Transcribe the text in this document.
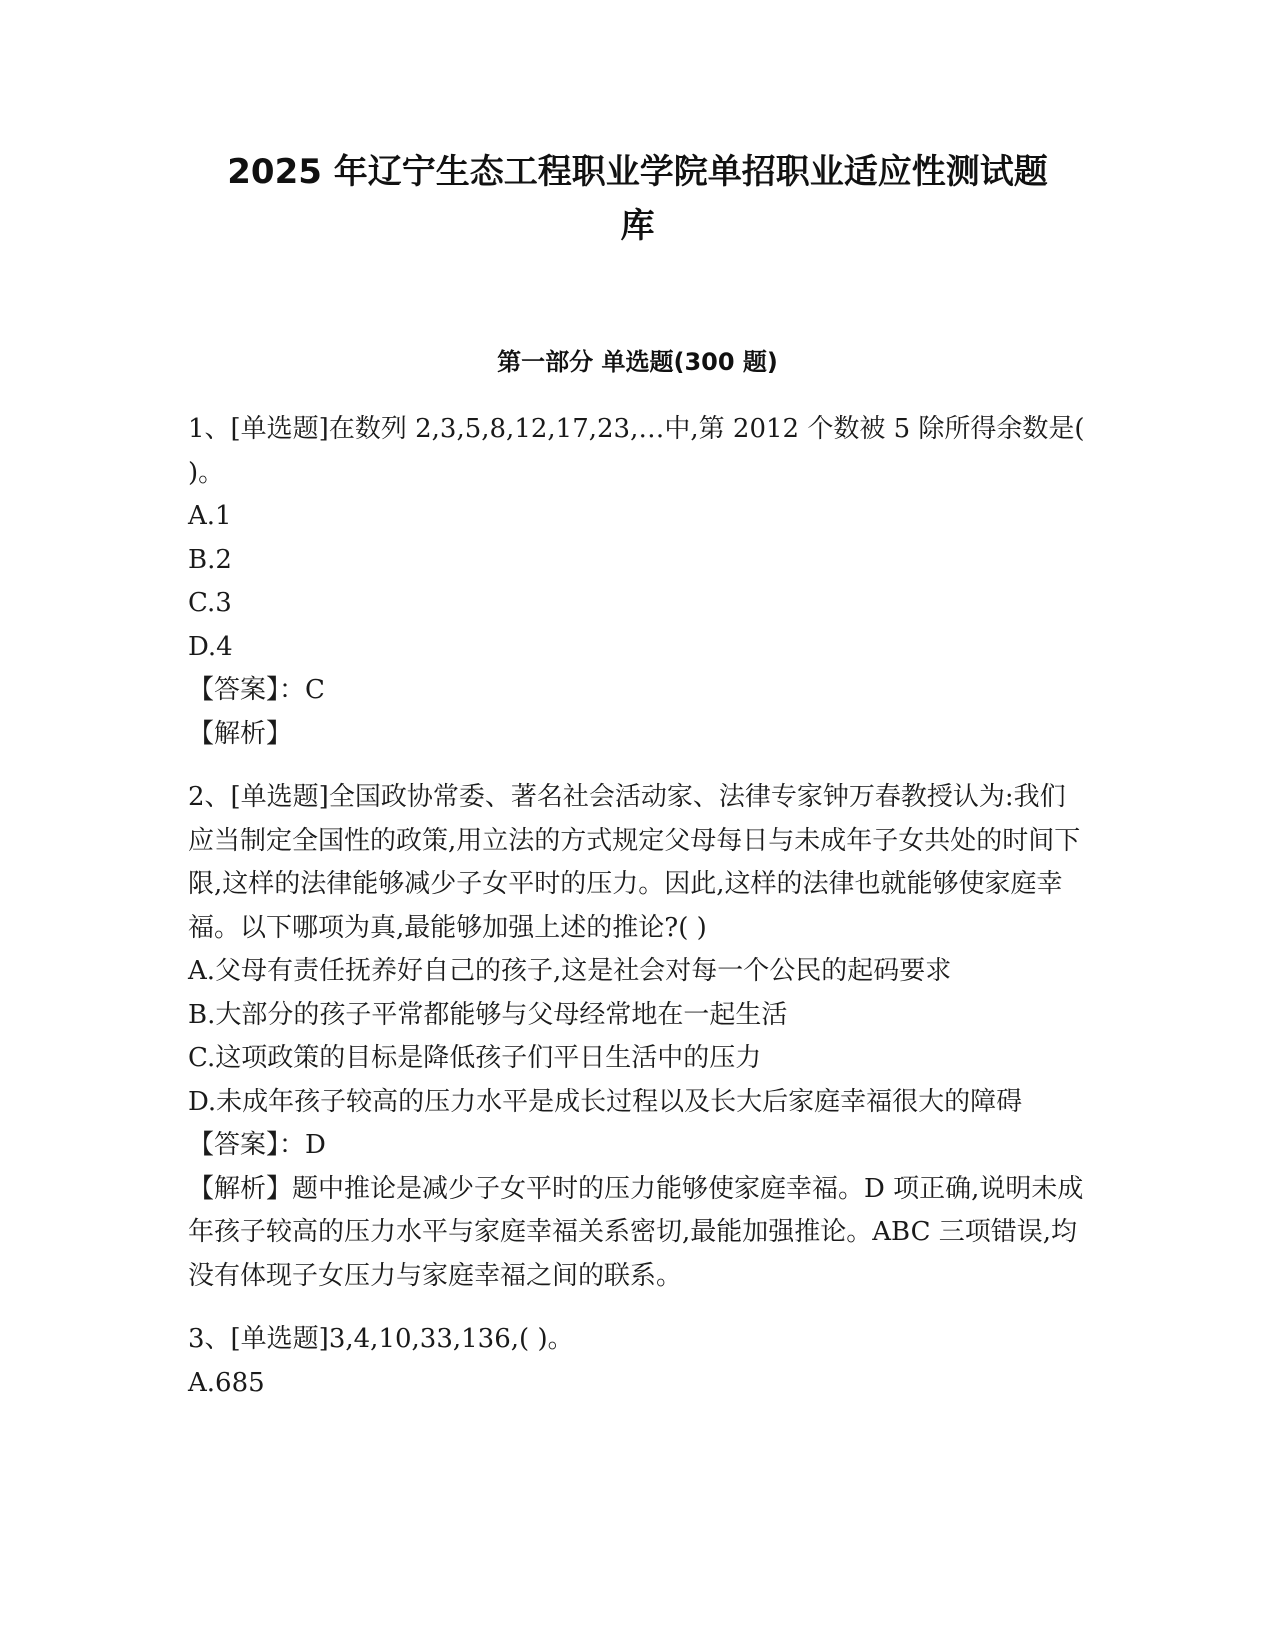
2025 年辽宁生态工程职业学院单招职业适应性测试题
库
第一部分 单选题(300 题)
1、[单选题]在数列 2,3,5,8,12,17,23,…中,第 2012 个数被 5 除所得余数是( )。
A.1
B.2
C.3
D.4
【答案】：C
【解析】
2、[单选题]全国政协常委、著名社会活动家、法律专家钟万春教授认为:我们应当制定全国性的政策,用立法的方式规定父母每日与未成年子女共处的时间下限,这样的法律能够减少子女平时的压力。因此,这样的法律也就能够使家庭幸福。以下哪项为真,最能够加强上述的推论?( )
A.父母有责任抚养好自己的孩子,这是社会对每一个公民的起码要求
B.大部分的孩子平常都能够与父母经常地在一起生活
C.这项政策的目标是降低孩子们平日生活中的压力
D.未成年孩子较高的压力水平是成长过程以及长大后家庭幸福很大的障碍
【答案】：D
【解析】题中推论是减少子女平时的压力能够使家庭幸福。D 项正确,说明未成年孩子较高的压力水平与家庭幸福关系密切,最能加强推论。ABC 三项错误,均没有体现子女压力与家庭幸福之间的联系。
3、[单选题]3,4,10,33,136,( )。
A.685
